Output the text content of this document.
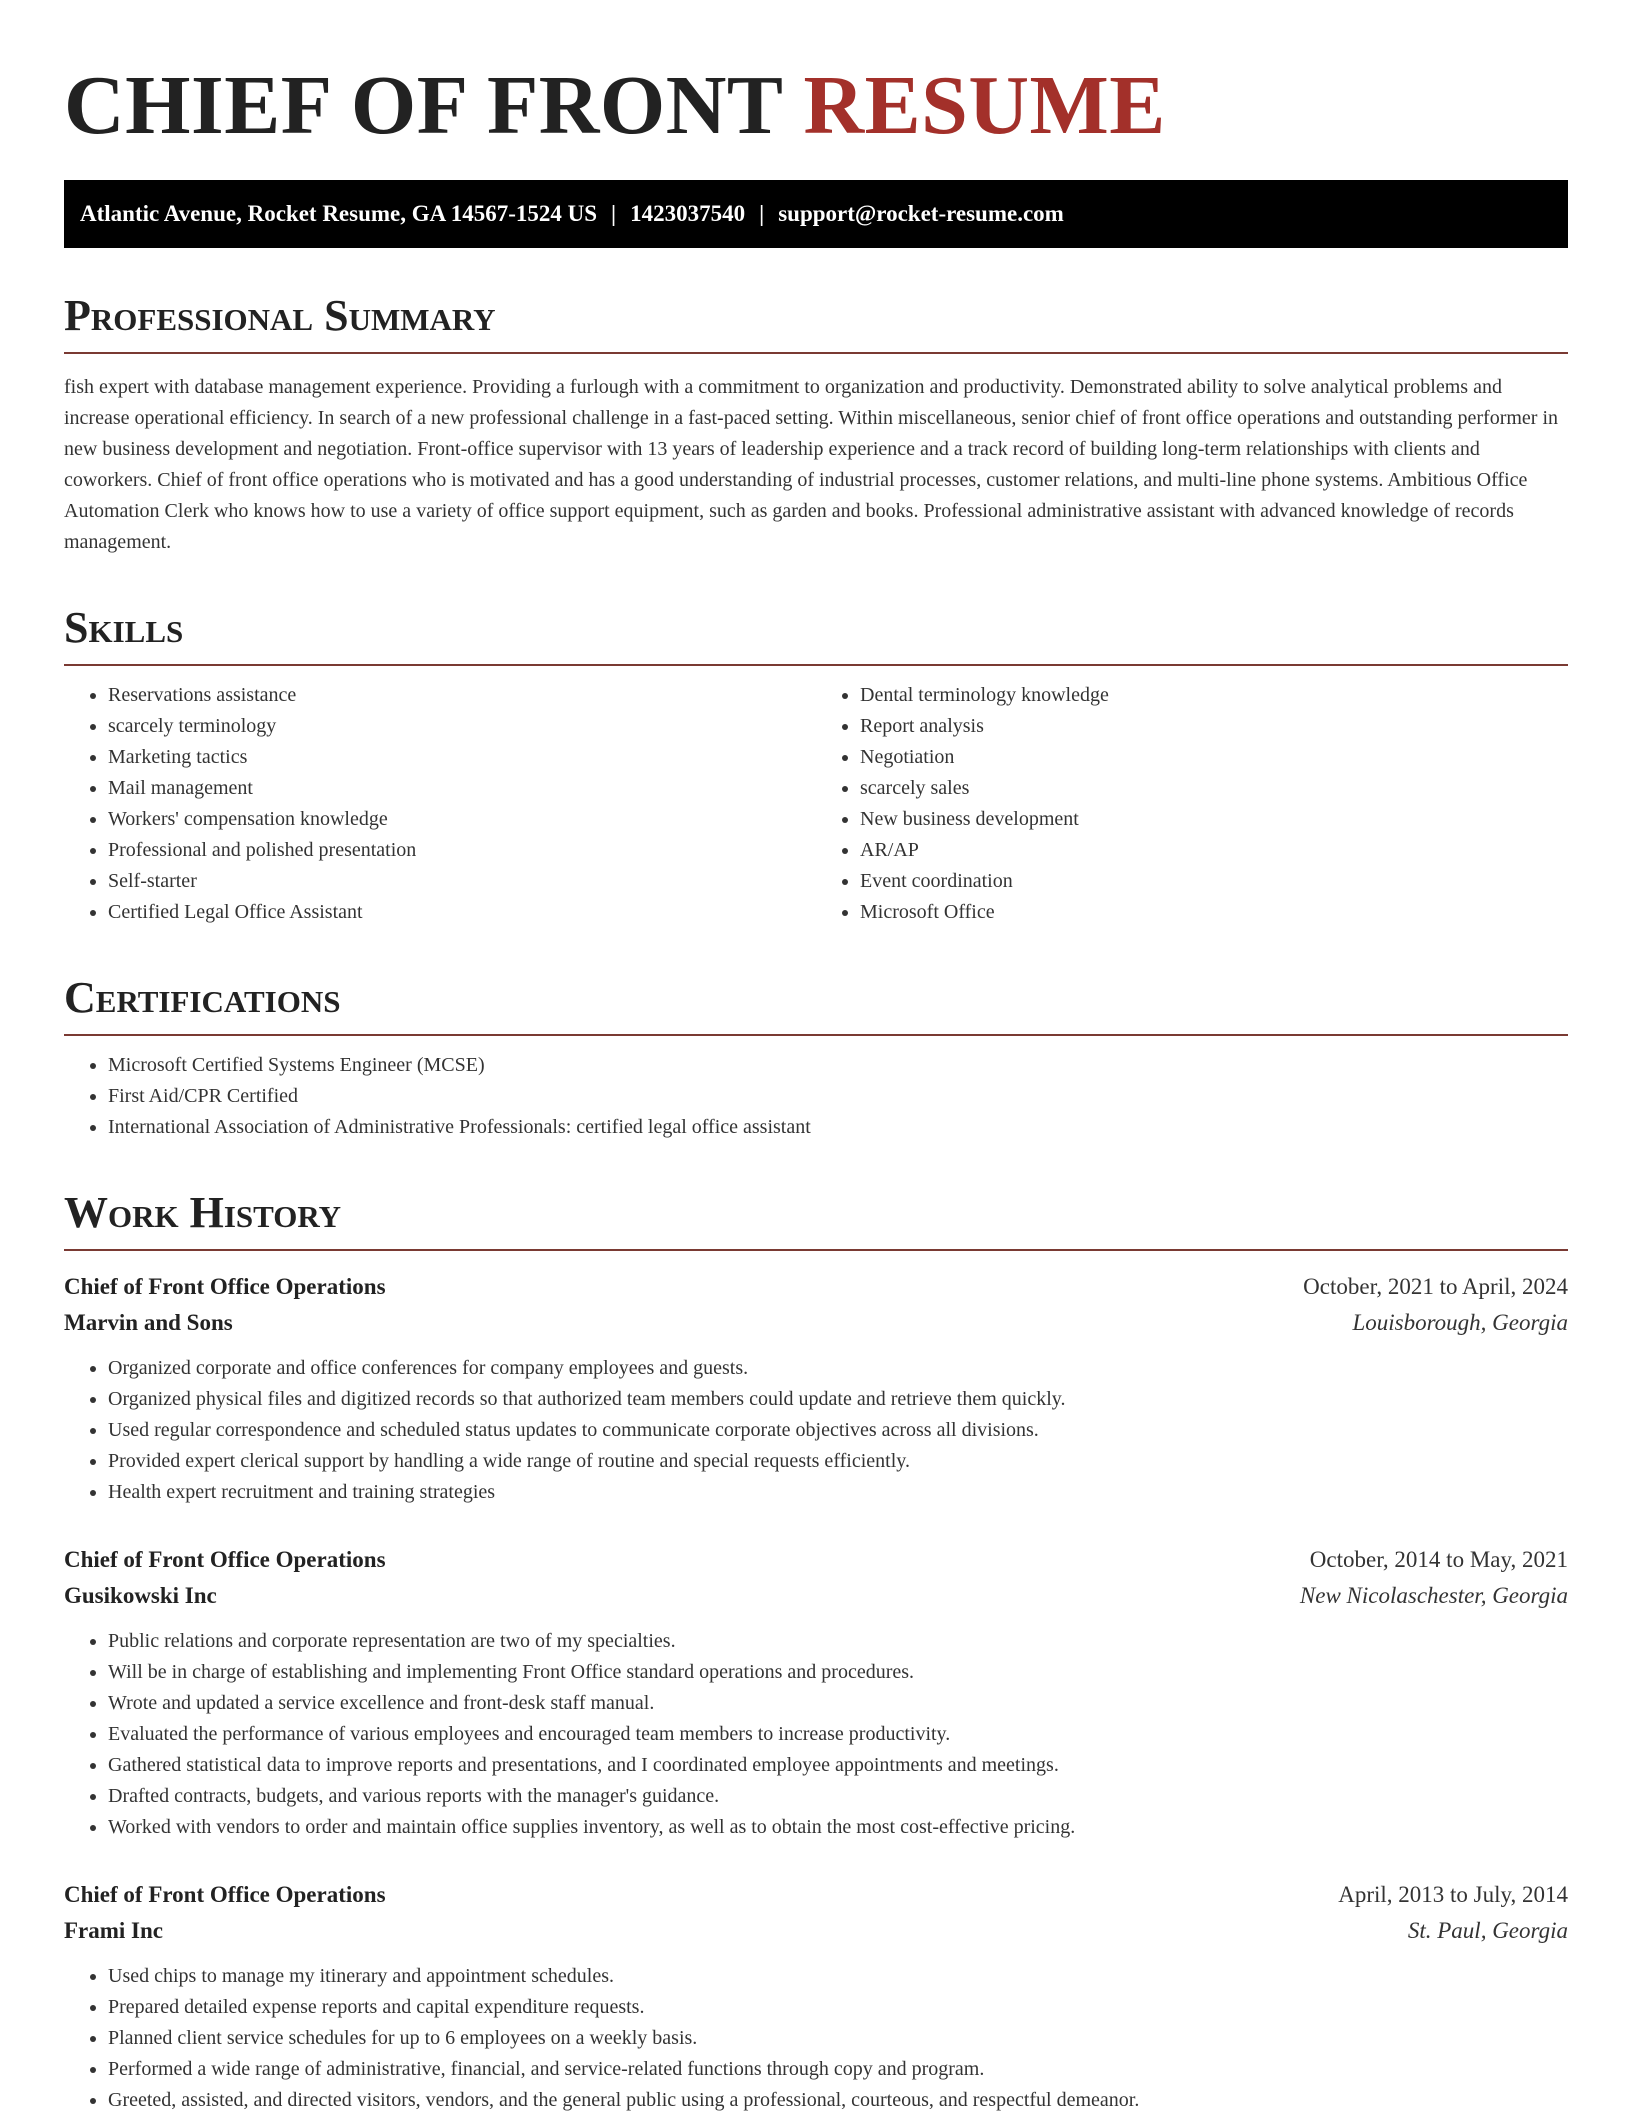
CHIEF OF FRONT RESUME
Atlantic Avenue, Rocket Resume, GA 14567-1524 US | 1423037540 | support@rocket-resume.com
Professional Summary
fish expert with database management experience. Providing a furlough with a commitment to organization and productivity. Demonstrated ability to solve analytical problems and increase operational efficiency. In search of a new professional challenge in a fast-paced setting. Within miscellaneous, senior chief of front office operations and outstanding performer in new business development and negotiation. Front-office supervisor with 13 years of leadership experience and a track record of building long-term relationships with clients and coworkers. Chief of front office operations who is motivated and has a good understanding of industrial processes, customer relations, and multi-line phone systems. Ambitious Office Automation Clerk who knows how to use a variety of office support equipment, such as garden and books. Professional administrative assistant with advanced knowledge of records management.
Skills
• Reservations assistance
• scarcely terminology
• Marketing tactics
• Mail management
• Workers' compensation knowledge
• Professional and polished presentation
• Self-starter
• Certified Legal Office Assistant
• Dental terminology knowledge
• Report analysis
• Negotiation
• scarcely sales
• New business development
• AR/AP
• Event coordination
• Microsoft Office
Certifications
• Microsoft Certified Systems Engineer (MCSE)
• First Aid/CPR Certified
• International Association of Administrative Professionals: certified legal office assistant
Work History
Chief of Front Office Operations	October, 2021 to April, 2024
Marvin and Sons	Louisborough, Georgia
• Organized corporate and office conferences for company employees and guests.
• Organized physical files and digitized records so that authorized team members could update and retrieve them quickly.
• Used regular correspondence and scheduled status updates to communicate corporate objectives across all divisions.
• Provided expert clerical support by handling a wide range of routine and special requests efficiently.
• Health expert recruitment and training strategies
Chief of Front Office Operations	October, 2014 to May, 2021
Gusikowski Inc	New Nicolaschester, Georgia
• Public relations and corporate representation are two of my specialties.
• Will be in charge of establishing and implementing Front Office standard operations and procedures.
• Wrote and updated a service excellence and front-desk staff manual.
• Evaluated the performance of various employees and encouraged team members to increase productivity.
• Gathered statistical data to improve reports and presentations, and I coordinated employee appointments and meetings.
• Drafted contracts, budgets, and various reports with the manager's guidance.
• Worked with vendors to order and maintain office supplies inventory, as well as to obtain the most cost-effective pricing.
Chief of Front Office Operations	April, 2013 to July, 2014
Frami Inc	St. Paul, Georgia
• Used chips to manage my itinerary and appointment schedules.
• Prepared detailed expense reports and capital expenditure requests.
• Planned client service schedules for up to 6 employees on a weekly basis.
• Performed a wide range of administrative, financial, and service-related functions through copy and program.
• Greeted, assisted, and directed visitors, vendors, and the general public using a professional, courteous, and respectful demeanor.
